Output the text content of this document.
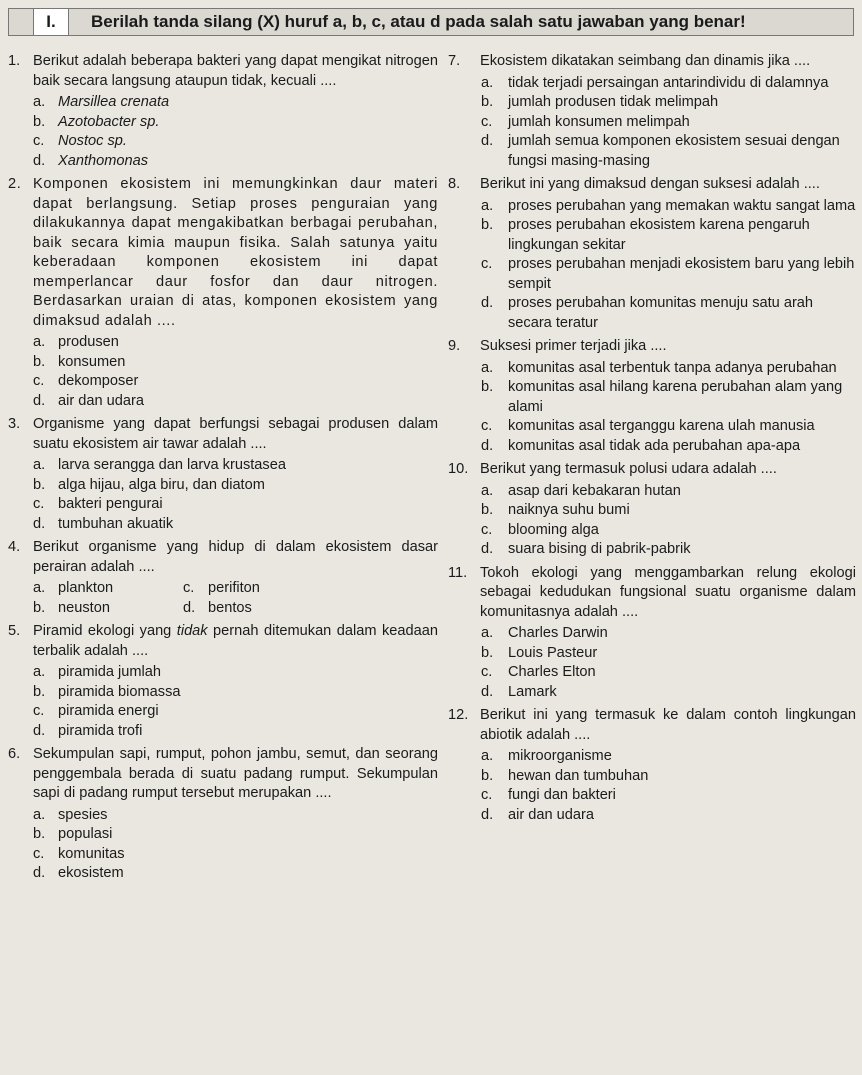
I.	Berilah tanda silang (X) huruf a, b, c, atau d pada salah satu jawaban yang benar!
1. Berikut adalah beberapa bakteri yang dapat mengikat nitrogen baik secara langsung ataupun tidak, kecuali ....
a. Marsillea crenata
b. Azotobacter sp.
c. Nostoc sp.
d. Xanthomonas
2. Komponen ekosistem ini memungkinkan daur materi dapat berlangsung. Setiap proses penguraian yang dilakukannya dapat mengakibatkan berbagai perubahan, baik secara kimia maupun fisika. Salah satunya yaitu keberadaan komponen ekosistem ini dapat memperlancar daur fosfor dan daur nitrogen. Berdasarkan uraian di atas, komponen ekosistem yang dimaksud adalah ....
a. produsen
b. konsumen
c. dekomposer
d. air dan udara
3. Organisme yang dapat berfungsi sebagai produsen dalam suatu ekosistem air tawar adalah ....
a. larva serangga dan larva krustasea
b. alga hijau, alga biru, dan diatom
c. bakteri pengurai
d. tumbuhan akuatik
4. Berikut organisme yang hidup di dalam ekosistem dasar perairan adalah ....
a. plankton	c. perifiton
b. neuston	d. bentos
5. Piramid ekologi yang tidak pernah ditemukan dalam keadaan terbalik adalah ....
a. piramida jumlah
b. piramida biomassa
c. piramida energi
d. piramida trofi
6. Sekumpulan sapi, rumput, pohon jambu, semut, dan seorang penggembala berada di suatu padang rumput. Sekumpulan sapi di padang rumput tersebut merupakan ....
a. spesies
b. populasi
c. komunitas
d. ekosistem
7. Ekosistem dikatakan seimbang dan dinamis jika ....
a. tidak terjadi persaingan antarindividu di dalamnya
b. jumlah produsen tidak melimpah
c. jumlah konsumen melimpah
d. jumlah semua komponen ekosistem sesuai dengan fungsi masing-masing
8. Berikut ini yang dimaksud dengan suksesi adalah ....
a. proses perubahan yang memakan waktu sangat lama
b. proses perubahan ekosistem karena pengaruh lingkungan sekitar
c. proses perubahan menjadi ekosistem baru yang lebih sempit
d. proses perubahan komunitas menuju satu arah secara teratur
9. Suksesi primer terjadi jika ....
a. komunitas asal terbentuk tanpa adanya perubahan
b. komunitas asal hilang karena perubahan alam yang alami
c. komunitas asal terganggu karena ulah manusia
d. komunitas asal tidak ada perubahan apa-apa
10. Berikut yang termasuk polusi udara adalah ....
a. asap dari kebakaran hutan
b. naiknya suhu bumi
c. blooming alga
d. suara bising di pabrik-pabrik
11. Tokoh ekologi yang menggambarkan relung ekologi sebagai kedudukan fungsional suatu organisme dalam komunitasnya adalah ....
a. Charles Darwin
b. Louis Pasteur
c. Charles Elton
d. Lamark
12. Berikut ini yang termasuk ke dalam contoh lingkungan abiotik adalah ....
a. mikroorganisme
b. hewan dan tumbuhan
c. fungi dan bakteri
d. air dan udara
